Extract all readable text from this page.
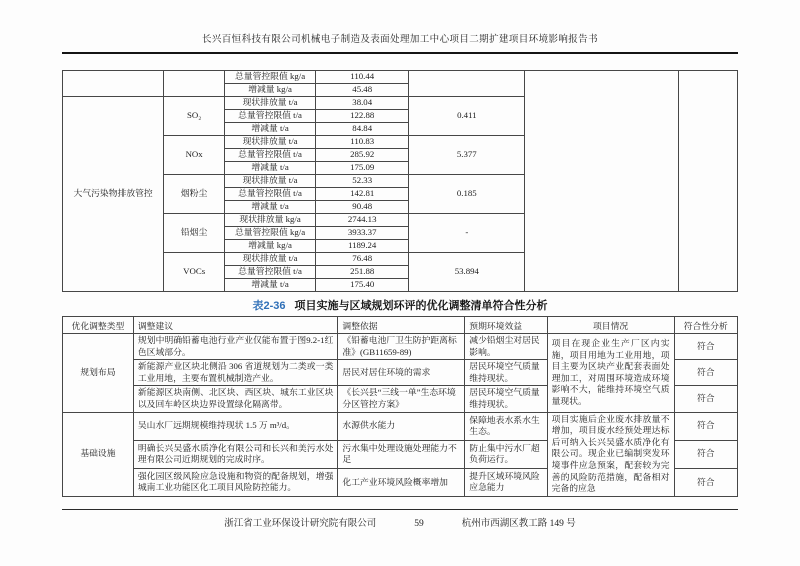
长兴百恒科技有限公司机械电子制造及表面处理加工中心项目二期扩建项目环境影响报告书
		总量管控限值 kg/a	110.44			
		增减量 kg/a	45.48			
大气污染物排放管控	SO₂	现状排放量 t/a	38.04	0.411		
		总量管控限值 t/a	122.88			
		增减量 t/a	84.84			
	NOx	现状排放量 t/a	110.83	5.377		
		总量管控限值 t/a	285.92			
		增减量 t/a	175.09			
	烟粉尘	现状排放量 t/a	52.33	0.185		
		总量管控限值 t/a	142.81			
		增减量 t/a	90.48			
	铅烟尘	现状排放量 kg/a	2744.13	-		
		总量管控限值 kg/a	3933.37			
		增减量 kg/a	1189.24			
	VOCs	现状排放量 t/a	76.48	53.894		
		总量管控限值 t/a	251.88			
		增减量 t/a	175.40			
表2-36 项目实施与区域规划环评的优化调整清单符合性分析
优化调整类型	调整建议	调整依据	预期环境效益	项目情况	符合性分析
规划布局	规划中明确铅蓄电池行业产业仅能布置于图9.2-1红色区域部分。	《铅蓄电池厂卫生防护距离标准》(GB11659-89)	减少铅烟尘对居民影响。	项目在现企业生产厂区内实施，项目用地为工业用地，项目主要为区块产业配套表面处理加工，对周围环境造成环境影响不大，能维持环境空气质量现状。	符合
	新能源产业区块北侧沿 306 省道规划为二类或一类工业用地，主要布置机械制造产业。	居民对居住环境的需求	居民环境空气质量维持现状。		符合
	新能源区块南侧、北区块、西区块、城东工业区块以及回车岭区块边界设置绿化隔离带。	《长兴县“三线一单”生态环境分区管控方案》	居民环境空气质量维持现状。		符合
基础设施	吴山水厂远期规模维持现状 1.5 万 m³/d。	水源供水能力	保障地表水系水生生态。	项目实施后企业废水排放量不增加，项目废水经预处理达标后可纳入长兴吴盛水质净化有限公司。现企业已编制突发环境事件应急预案，配套较为完善的风险防范措施，配备相对完备的应急	符合
	明确长兴吴盛水质净化有限公司和长兴和美污水处理有限公司近期规划的完成时序。	污水集中处理设施处理能力不足	防止集中污水厂超负荷运行。		符合
	强化园区级风险应急设施和物资的配备规划，增强城南工业功能区化工项目风险防控能力。	化工产业环境风险概率增加	提升区域环境风险应急能力		符合
浙江省工业环保设计研究院有限公司	59	杭州市西湖区教工路 149 号
